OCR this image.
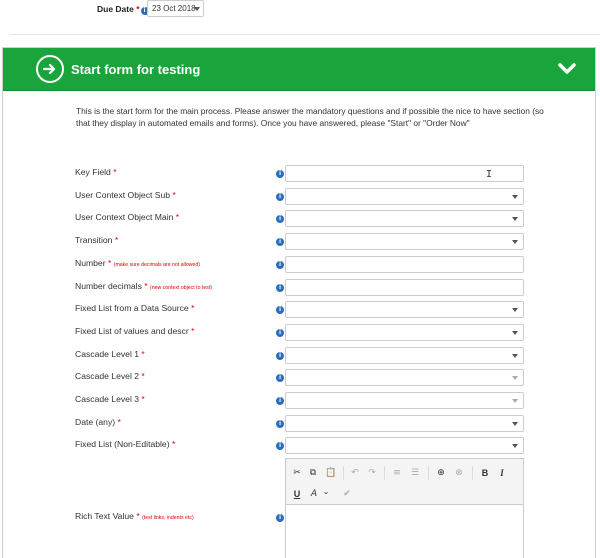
Due Date * i 23 Oct 2018
Start form for testing
This is the start form for the main process. Please answer the mandatory questions and if possible the nice to have section (so that they display in automated emails and forms). Once you have answered, please "Start" or "Order Now"
Key Field *	i	I
User Context Object Sub *	i
User Context Object Main *	i
Transition *	i
Number * (make sure decimals are not allowed)	i
Number decimals * (new context object to test)	i
Fixed List from a Data Source *	i
Fixed List of values and descr *	i
Cascade Level 1 *	i
Cascade Level 2 *	i
Cascade Level 3 *	i
Date (any) *	i
Fixed List (Non-Editable) *	i
Rich Text Value * (test links, indents etc)	i
✂	⧉	📋	↶	↷	≡	☰	⊕	⊗	B	I
U	A ⌄	✔
